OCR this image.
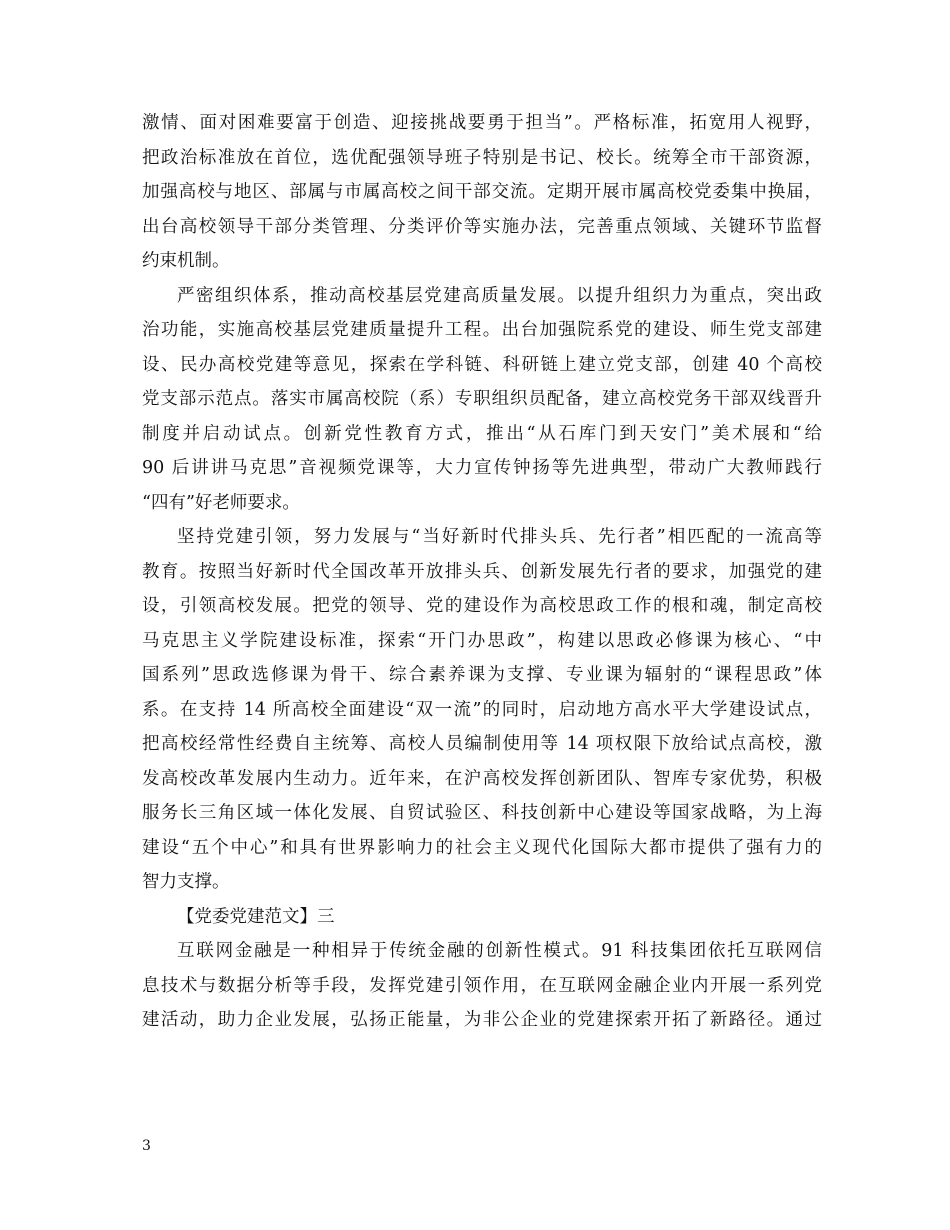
激情、面对困难要富于创造、迎接挑战要勇于担当”。严格标准，拓宽用人视野，
把政治标准放在首位，选优配强领导班子特别是书记、校长。统筹全市干部资源，
加强高校与地区、部属与市属高校之间干部交流。定期开展市属高校党委集中换届，
出台高校领导干部分类管理、分类评价等实施办法，完善重点领域、关键环节监督
约束机制。
严密组织体系，推动高校基层党建高质量发展。以提升组织力为重点，突出政
治功能，实施高校基层党建质量提升工程。出台加强院系党的建设、师生党支部建
设、民办高校党建等意见，探索在学科链、科研链上建立党支部，创建 40 个高校
党支部示范点。落实市属高校院（系）专职组织员配备，建立高校党务干部双线晋升
制度并启动试点。创新党性教育方式，推出“从石库门到天安门”美术展和“给
90 后讲讲马克思”音视频党课等，大力宣传钟扬等先进典型，带动广大教师践行
“四有”好老师要求。
坚持党建引领，努力发展与“当好新时代排头兵、先行者”相匹配的一流高等
教育。按照当好新时代全国改革开放排头兵、创新发展先行者的要求，加强党的建
设，引领高校发展。把党的领导、党的建设作为高校思政工作的根和魂，制定高校
马克思主义学院建设标准，探索“开门办思政”，构建以思政必修课为核心、“中
国系列”思政选修课为骨干、综合素养课为支撑、专业课为辐射的“课程思政”体
系。在支持 14 所高校全面建设“双一流”的同时，启动地方高水平大学建设试点，
把高校经常性经费自主统筹、高校人员编制使用等 14 项权限下放给试点高校，激
发高校改革发展内生动力。近年来，在沪高校发挥创新团队、智库专家优势，积极
服务长三角区域一体化发展、自贸试验区、科技创新中心建设等国家战略，为上海
建设“五个中心”和具有世界影响力的社会主义现代化国际大都市提供了强有力的
智力支撑。
【党委党建范文】三
互联网金融是一种相异于传统金融的创新性模式。91 科技集团依托互联网信
息技术与数据分析等手段，发挥党建引领作用，在互联网金融企业内开展一系列党
建活动，助力企业发展，弘扬正能量，为非公企业的党建探索开拓了新路径。通过
3
